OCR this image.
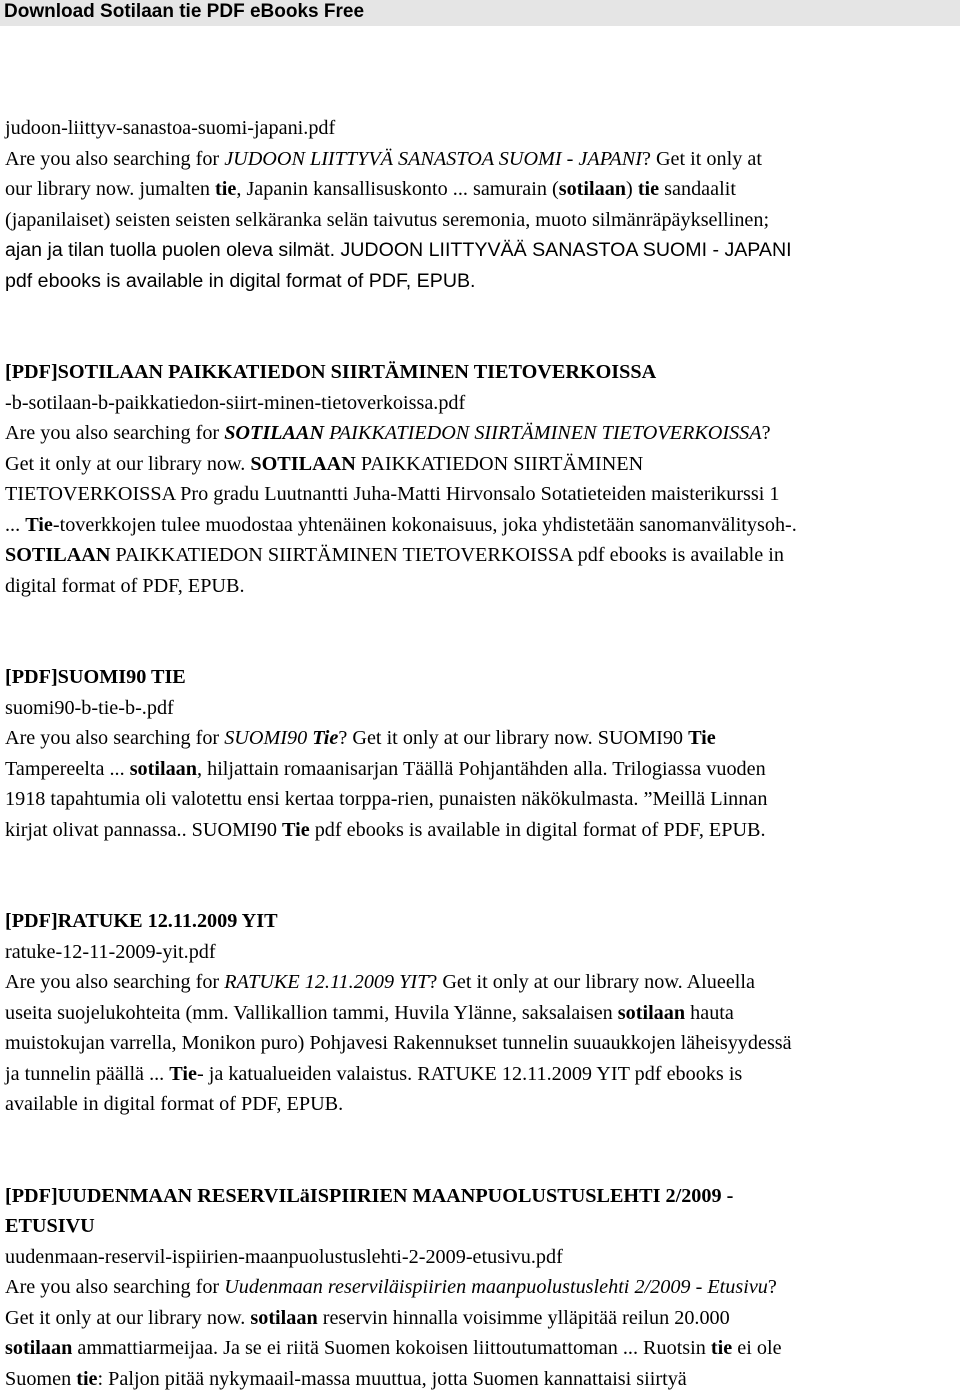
Download Sotilaan tie PDF eBooks Free
judoon-liittyv-sanastoa-suomi-japani.pdf
Are you also searching for JUDOON LIITTYVÄ SANASTOA SUOMI - JAPANI? Get it only at
our library now. jumalten tie, Japanin kansallisuskonto ... samurain (sotilaan) tie sandaalit
(japanilaiset) seisten seisten selkäranka selän taivutus seremonia, muoto silmänräpäyksellinen;
ajan ja tilan tuolla puolen oleva silmät. JUDOON LIITTYVÄÄ SANASTOA SUOMI - JAPANI
pdf ebooks is available in digital format of PDF, EPUB.
[PDF]SOTILAAN PAIKKATIEDON SIIRTÄMINEN TIETOVERKOISSA
-b-sotilaan-b-paikkatiedon-siirt-minen-tietoverkoissa.pdf
Are you also searching for SOTILAAN PAIKKATIEDON SIIRTÄMINEN TIETOVERKOISSA?
Get it only at our library now. SOTILAAN PAIKKATIEDON SIIRTÄMINEN
TIETOVERKOISSA Pro gradu Luutnantti Juha-Matti Hirvonsalo Sotatieteiden maisterikurssi 1
... Tie-toverkkojen tulee muodostaa yhtenäinen kokonaisuus, joka yhdistetään sanomanvälitysoh-.
SOTILAAN PAIKKATIEDON SIIRTÄMINEN TIETOVERKOISSA pdf ebooks is available in
digital format of PDF, EPUB.
[PDF]SUOMI90 TIE
suomi90-b-tie-b-.pdf
Are you also searching for SUOMI90 Tie? Get it only at our library now. SUOMI90 Tie
Tampereelta ... sotilaan, hiljattain romaanisarjan Täällä Pohjantähden alla. Trilogiassa vuoden
1918 tapahtumia oli valotettu ensi kertaa torppa-rien, punaisten näkökulmasta. ”Meillä Linnan
kirjat olivat pannassa.. SUOMI90 Tie pdf ebooks is available in digital format of PDF, EPUB.
[PDF]RATUKE 12.11.2009 YIT
ratuke-12-11-2009-yit.pdf
Are you also searching for RATUKE 12.11.2009 YIT? Get it only at our library now. Alueella
useita suojelukohteita (mm. Vallikallion tammi, Huvila Ylänne, saksalaisen sotilaan hauta
muistokujan varrella, Monikon puro) Pohjavesi Rakennukset tunnelin suuaukkojen läheisyydessä
ja tunnelin päällä ... Tie- ja katualueiden valaistus. RATUKE 12.11.2009 YIT pdf ebooks is
available in digital format of PDF, EPUB.
[PDF]UUDENMAAN RESERVILäISPIIRIEN MAANPUOLUSTUSLEHTI 2/2009 -
ETUSIVU
uudenmaan-reservil-ispiirien-maanpuolustuslehti-2-2009-etusivu.pdf
Are you also searching for Uudenmaan reserviläispiirien maanpuolustuslehti 2/2009 - Etusivu?
Get it only at our library now. sotilaan reservin hinnalla voisimme ylläpitää reilun 20.000
sotilaan ammattiarmeijaa. Ja se ei riitä Suomen kokoisen liittoutumattoman ... Ruotsin tie ei ole
Suomen tie: Paljon pitää nykymaail-massa muuttua, jotta Suomen kannattaisi siirtyä
